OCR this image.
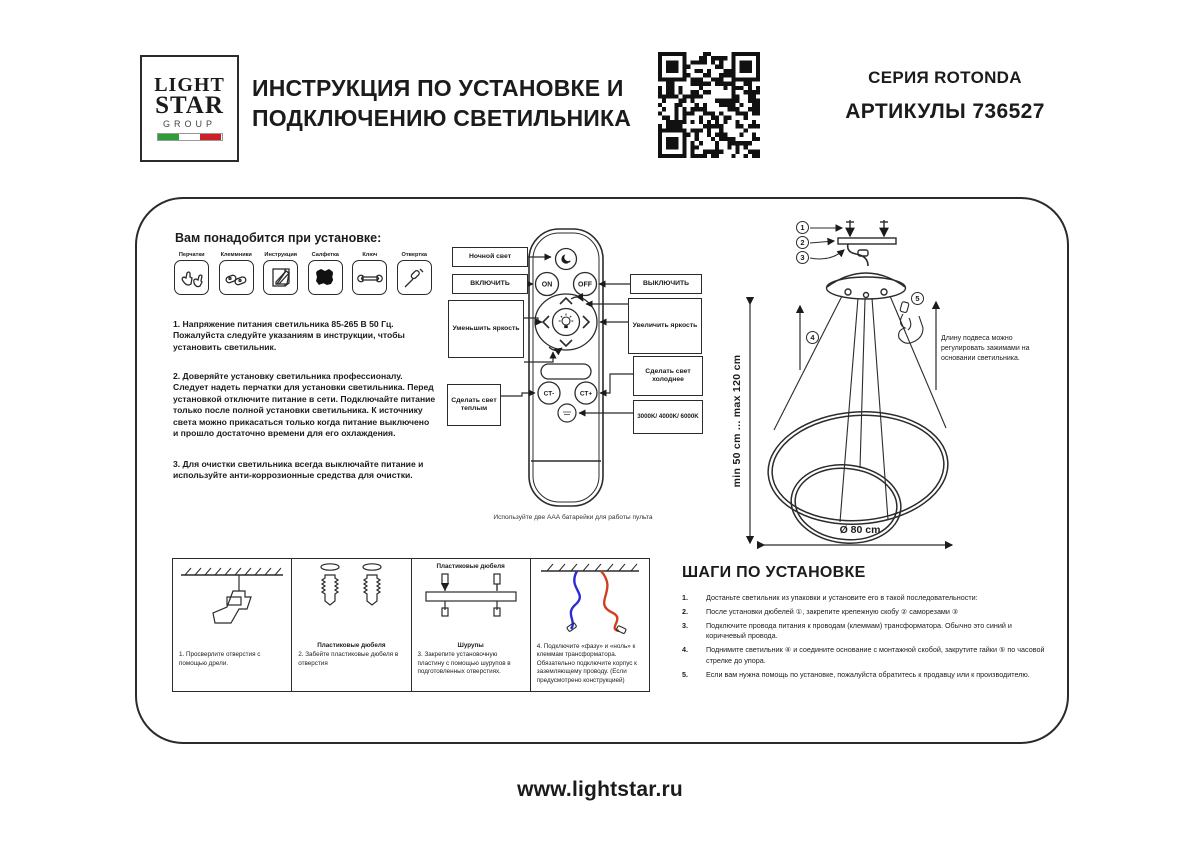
LIGHT
STAR
GROUP
ИНСТРУКЦИЯ ПО УСТАНОВКЕ И
ПОДКЛЮЧЕНИЮ СВЕТИЛЬНИКА
СЕРИЯ ROTONDA
АРТИКУЛЫ 736527
Вам понадобится при установке:
Перчатки	Клеммники Инструкция	Салфетка	Ключ	Отвертка
1. Напряжение питания светильника 85-265 В 50 Гц. Пожалуйста следуйте указаниям в инструкции, чтобы установить светильник.
2. Доверяйте установку светильника профессионалу. Следует надеть перчатки для установки светильника. Перед установкой отключите питание в сети. Подключайте питание только после полной установки светильника. К источнику света можно прикасаться только когда питание выключено и прошло достаточно времени для его охлаждения.
3. Для очистки светильника всегда выключайте питание и используйте анти-коррозионные средства для очистки.
ON	OFF
СТ-	СТ+
Ночной свет
ВКЛЮЧИТЬ
Уменьшить яркость
Сделать свет теплым
ВЫКЛЮЧИТЬ
Увеличить яркость
Сделать свет холоднее
3000K/ 4000K/ 6000K
Используйте две ААА батарейки для работы пульта
1
2
3
4
5
min 50 cm ... max 120 cm
Ø 80 cm
Длину подвеса можно регулировать зажимами на основании светильника.
1. Просверлите отверстия с помощью дрели.
Пластиковые дюбеля
2. Забейте пластиковые дюбеля в отверстия
Пластиковые дюбеля
Шурупы
3. Закрепите установочную пластину с помощью шурупов в подготовленных отверстиях.
4. Подключите «фазу» и «ноль» к клеммам трансформатора. Обязательно подключите корпус к заземляющему проводу. (Если предусмотрено конструкцией)
ШАГИ ПО УСТАНОВКЕ
1.	Достаньте светильник из упаковки и установите его в такой последовательности:
2.	После установки дюбелей ①, закрепите крепежную скобу ② саморезами ③
3.	Подключите провода питания к проводам (клеммам) трансформатора. Обычно это синий и коричневый провода.
4.	Поднимите светильник ④ и соедините основание с монтажной скобой, закрутите гайки ⑤ по часовой стрелке до упора.
5.	Если вам нужна помощь по установке, пожалуйста обратитесь к продавцу или к производителю.
www.lightstar.ru
